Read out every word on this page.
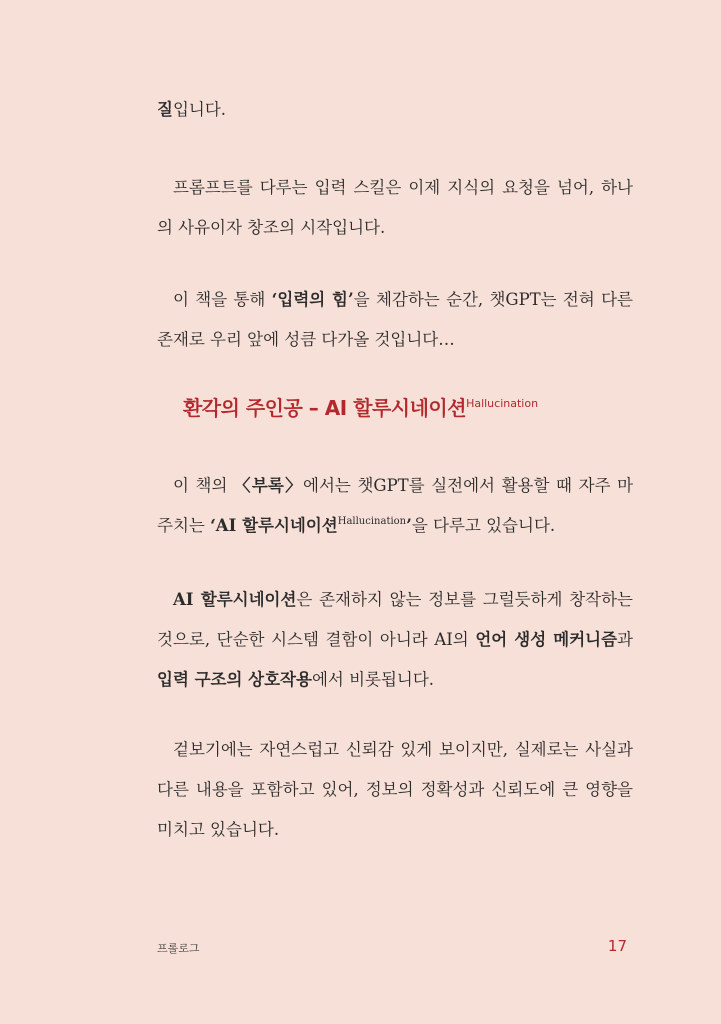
질입니다.

프롬프트를 다루는 입력 스킬은 이제 지식의 요청을 넘어, 하나의 사유이자 창조의 시작입니다.

이 책을 통해 ‘입력의 힘’을 체감하는 순간, 챗GPT는 전혀 다른 존재로 우리 앞에 성큼 다가올 것입니다…

환각의 주인공 – AI 할루시네이션$^{Hallucination}$

이 책의 〈부록〉에서는 챗GPT를 실전에서 활용할 때 자주 마주치는 ‘AI 할루시네이션$^{Hallucination}$’을 다루고 있습니다.

AI 할루시네이션은 존재하지 않는 정보를 그럴듯하게 창작하는 것으로, 단순한 시스템 결함이 아니라 AI의 언어 생성 메커니즘과 입력 구조의 상호작용에서 비롯됩니다.

겉보기에는 자연스럽고 신뢰감 있게 보이지만, 실제로는 사실과 다른 내용을 포함하고 있어, 정보의 정확성과 신뢰도에 큰 영향을 미치고 있습니다.

프롤로그	17
